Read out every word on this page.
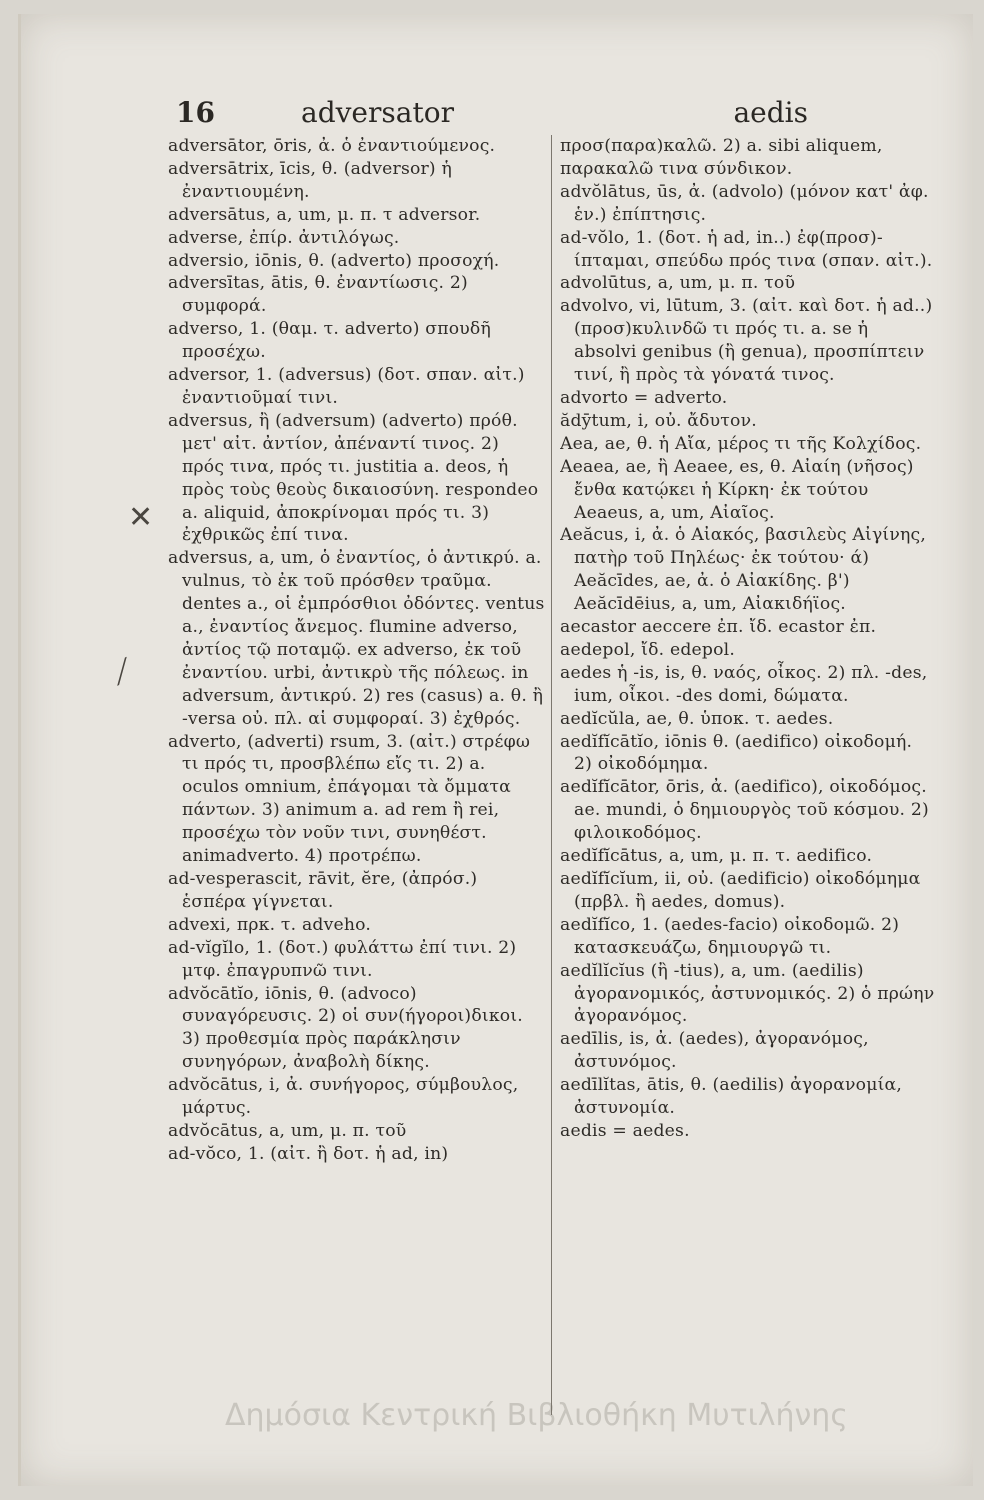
16	adversator	aedis

adversātor, ōris, ἀ. ὁ ἐναντιούμενος.

adversātrix, īcis, θ. (adversor) ἡ ἐναντιουμένη.

adversātus, a, um, μ. π. τ adversor.

adverse, ἐπίρ. ἀντιλόγως.

adversio, iōnis, θ. (adverto) προσοχή.

adversītas, ātis, θ. ἐναντίωσις. 2) συμφορά.

adverso, 1. (θαμ. τ. adverto) σπουδῆ προσέχω.

adversor, 1. (adversus) (δοτ. σπαν. αἰτ.) ἐναντιοῦμαί τινι.

adversus, ἢ (adversum) (adverto) πρόθ. μετ' αἰτ. ἀντίον, ἀπέναντί τινος. 2) πρός τινα, πρός τι. justitia a. deos, ἡ πρὸς τοὺς θεοὺς δικαιοσύνη. respondeo a. aliquid, ἀποκρίνομαι πρός τι. 3) ἐχθρικῶς ἐπί τινα.

adversus, a, um, ὁ ἐναντίος, ὁ ἀντικρύ. a. vulnus, τὸ ἐκ τοῦ πρόσθεν τραῦμα. dentes a., οἱ ἐμπρόσθιοι ὀδόντες. ventus a., ἐναντίος ἄνεμος. flumine adverso, ἀντίος τῷ ποταμῷ. ex adverso, ἐκ τοῦ ἐναντίου. urbi, ἀντικρὺ τῆς πόλεως. in adversum, ἀντικρύ. 2) res (casus) a. θ. ἢ -versa οὐ. πλ. αἱ συμφοραί. 3) ἐχθρός.

adverto, (adverti) rsum, 3. (αἰτ.) στρέφω τι πρός τι, προσβλέπω εἴς τι. 2) a. oculos omnium, ἐπάγομαι τὰ ὄμματα πάντων. 3) animum a. ad rem ἢ rei, προσέχω τὸν νοῦν τινι, συνηθέστ. animadverto. 4) προτρέπω.

ad-vesperascit, rāvit, ĕre, (ἀπρόσ.) ἑσπέρα γίγνεται.

advexi, πρκ. τ. adveho.

ad-vĭgĭlo, 1. (δοτ.) φυλάττω ἐπί τινι. 2) μτφ. ἐπαγρυπνῶ τινι.

advŏcātĭo, iōnis, θ. (advoco) συναγόρευσις. 2) οἱ συν(ήγοροι)δικοι. 3) προθεσμία πρὸς παράκλησιν συνηγόρων, ἀναβολὴ δίκης.

advŏcātus, i, ἀ. συνήγορος, σύμβουλος, μάρτυς.

advŏcātus, a, um, μ. π. τοῦ

ad-vŏco, 1. (αἰτ. ἢ δοτ. ἡ ad, in)

προσ(παρα)καλῶ. 2) a. sibi aliquem, παρακαλῶ τινα σύνδικον.

advŏlātus, ūs, ἀ. (advolo) (μόνον κατ' ἀφ. ἑν.) ἐπίπτησις.

ad-vŏlo, 1. (δοτ. ἡ ad, in..) ἐφ(προσ)-ίπταμαι, σπεύδω πρός τινα (σπαν. αἰτ.).

advolūtus, a, um, μ. π. τοῦ

advolvo, vi, lūtum, 3. (αἰτ. καὶ δοτ. ἡ ad..) (προσ)κυλινδῶ τι πρός τι. a. se ἡ absolvi genibus (ἢ genua), προσπίπτειν τινί, ἢ πρὸς τὰ γόνατά τινος.

advorto = adverto.

ădȳtum, i, οὐ. ἄδυτον.

Aea, ae, θ. ἡ Αἴα, μέρος τι τῆς Κολχίδος.

Aeaea, ae, ἢ Aeaee, es, θ. Αἰαίη (νῆσος) ἔνθα κατῴκει ἡ Κίρκη· ἐκ τούτου Aeaeus, a, um, Αἰαῖος.

Aeăcus, i, ἀ. ὁ Αἰακός, βασιλεὺς Αἰγίνης, πατὴρ τοῦ Πηλέως· ἐκ τούτου· ά) Aeăcīdes, ae, ἀ. ὁ Αἰακίδης. β') Aeăcīdēius, a, um, Αἰακιδήϊος.

aecastor aeccere ἐπ. ἴδ. ecastor ἐπ.

aedepol, ἴδ. edepol.

aedes ἡ -is, is, θ. ναός, οἶκος. 2) πλ. -des, ium, οἶκοι. -des domi, δώματα.

aedĭcŭla, ae, θ. ὑποκ. τ. aedes.

aedĭfĭcātĭo, iōnis θ. (aedifico) οἰκοδομή. 2) οἰκοδόμημα.

aedĭfĭcātor, ōris, ἀ. (aedifico), οἰκοδόμος. ae. mundi, ὁ δημιουργὸς τοῦ κόσμου. 2) φιλοικοδόμος.

aedĭfĭcātus, a, um, μ. π. τ. aedifico.

aedĭfĭcĭum, ii, οὐ. (aedificio) οἰκοδόμημα (πρβλ. ἢ aedes, domus).

aedĭfĭco, 1. (aedes-facio) οἰκοδομῶ. 2) κατασκευάζω, δημιουργῶ τι.

aedĭlĭcĭus (ἢ -tius), a, um. (aedilis) ἀγορανομικός, ἀστυνομικός. 2) ὁ πρώην ἀγορανόμος.

aedīlis, is, ἀ. (aedes), ἀγορανόμος, ἀστυνόμος.

aedīlĭtas, ātis, θ. (aedilis) ἀγορανομία, ἀστυνομία.

aedis = aedes.

✕
⟋
Δημόσια Κεντρική Βιβλιοθήκη Μυτιλήνης
